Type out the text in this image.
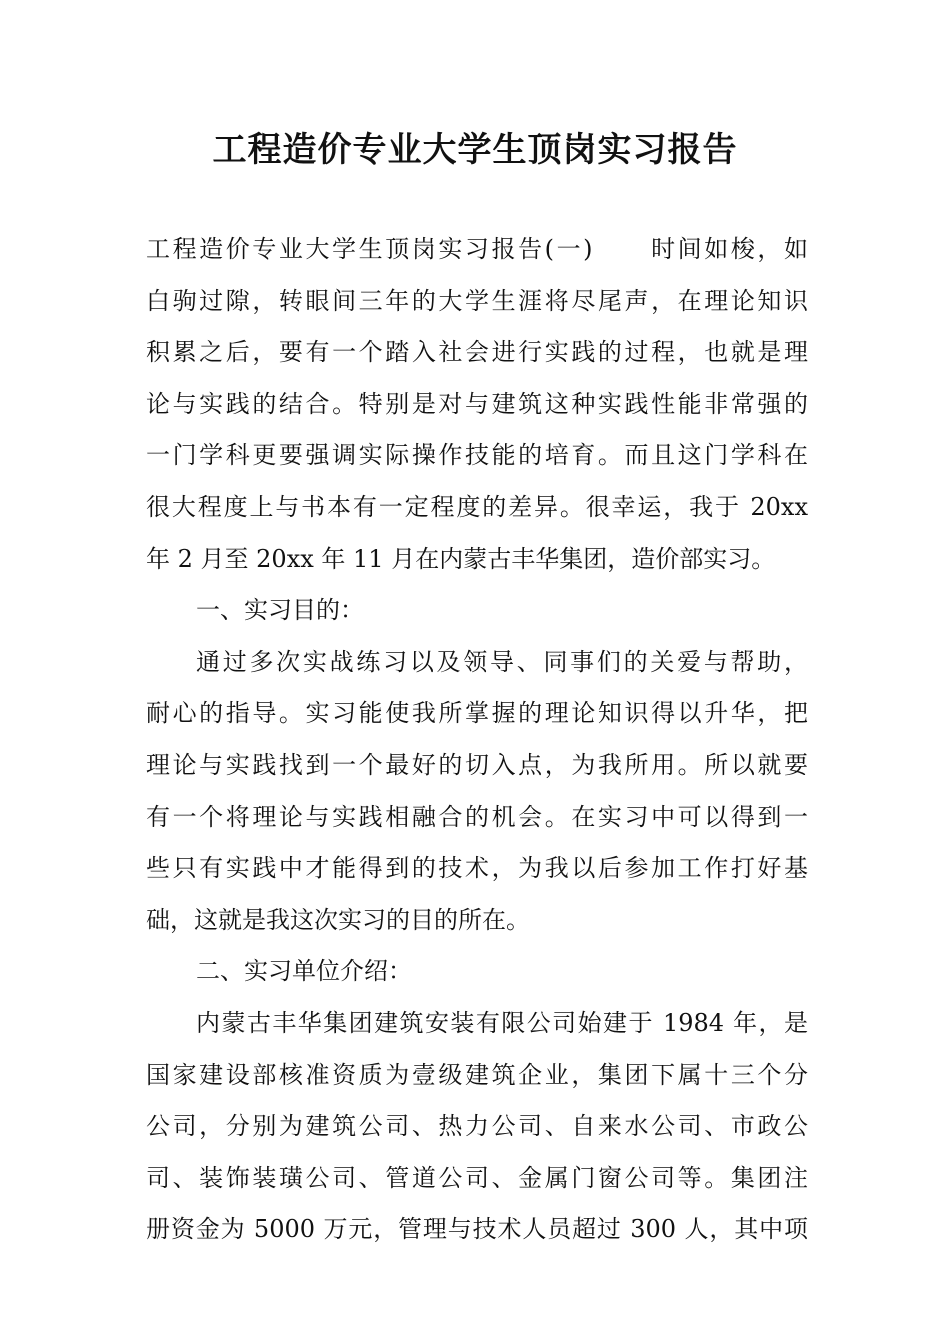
工程造价专业大学生顶岗实习报告
工程造价专业大学生顶岗实习报告(一) 时间如梭，如
白驹过隙，转眼间三年的大学生涯将尽尾声，在理论知识
积累之后，要有一个踏入社会进行实践的过程，也就是理
论与实践的结合。特别是对与建筑这种实践性能非常强的
一门学科更要强调实际操作技能的培育。而且这门学科在
很大程度上与书本有一定程度的差异。很幸运，我于 20xx
年 2 月至 20xx 年 11 月在内蒙古丰华集团，造价部实习。
一、实习目的：
通过多次实战练习以及领导、同事们的关爱与帮助，
耐心的指导。实习能使我所掌握的理论知识得以升华，把
理论与实践找到一个最好的切入点，为我所用。所以就要
有一个将理论与实践相融合的机会。在实习中可以得到一
些只有实践中才能得到的技术，为我以后参加工作打好基
础，这就是我这次实习的目的所在。
二、实习单位介绍：
内蒙古丰华集团建筑安装有限公司始建于 1984 年，是
国家建设部核准资质为壹级建筑企业，集团下属十三个分
公司，分别为建筑公司、热力公司、自来水公司、市政公
司、装饰装璜公司、管道公司、金属门窗公司等。集团注
册资金为 5000 万元，管理与技术人员超过 300 人，其中项
